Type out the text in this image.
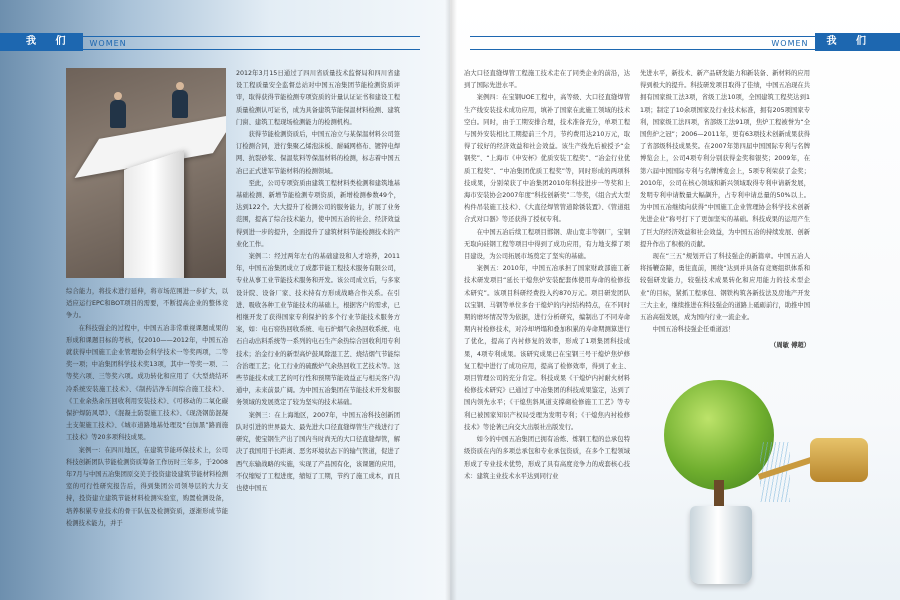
我 们	WOMEN

综合能力，将技术进行延伸，将市场范围进一步扩大，以适应运行EPC和BOT项目的需要，不断提高企业的整体竞争力。

在科技强企的过程中，中国五冶非常重视课题成果的形成和课题目标的考核，仅2010——2012年，中国五冶就获得中国施工企业管理协会科学技术一等奖两项，二等奖一项；中冶集团科学技术奖13项，其中一等奖一项、二等奖六项、三等奖六项。成功转化和应用了《大型烧结环冷系统安装施工技术》、《制药洁净车间综合施工技术》、《工业余热余压回收利用安装技术》、《可移动的二氧化碳保护焊防风罩》、《混凝土防裂施工技术》、《现浇钢筋混凝土支架施工技术》、《城市道路地基处理及“白加黑”路面施工技术》等20多项科技成果。

案例一：在四川地区，在建筑节能环保技术上，公司科技创新团队节能检测资质筹备工作历时三年多，于2008年7月与中国五冶集团原交美于投资建设建筑节能材料检测室的可行性研究报告后，得到集团公司领导层的大力支持，投资建立建筑节能材料检测实验室，购置检测设备，培养积累专业技术的骨干队伍及检测资质，逐渐形成节能检测技术能力，并于

2012年3月15日通过了四川省质量技术监督局和四川省建设工程质量安全监督总站对中国五冶集团节能检测资质评审，取得获得节能检测专项资质的计量认证证书和建设工程质量检测认可证书，成为具备建筑节能保温材料检测、建筑门窗、建筑工程现场检测能力的检测机构。

获得节能检测资质后，中国五冶立与某保温材料公司签订检测合同，进行集聚乙烯泡沫板、耐碱网格布、镀锌电焊网、抗裂砂浆、保温浆料等保温材料的检测，标志着中国五冶已正式进军节能材料的检测领域。

至此，公司专项资质由建筑工程材料类检测和建筑地基基础检测、新增节能检测专项资质，新增检测参数49个，达到122个。大大提升了检测公司的服务能力，扩展了业务范围，提高了综合技术能力，使中国五冶的社会、经济效益得到进一步的提升，全面提升了建筑材料节能检测技术的产业化工作。

案例二：经过两年左右的基础建设和人才培养，2011年，中国五冶集团成立了成都节能工程技术服务有限公司，专业从事工业节能技术服务和开发。该公司成立后，与多家设计院、设备厂家、技术持有方形成战略合作关系。在引进、吸收各种工业节能技术的基础上，根据客户的需求，已相继开发了获得国家专利保护的多个行业节能技术服务方案，如：电石窑热回收系统、电石炉烟气余热回收系统、电石自动出料系统等一系列的电石生产余热综合回收利用专利技术；治金行业的新型高炉鼓风除湿工艺、烧结烟气节能综合治理工艺；化工行业的硫酸炉气余热回收工艺技术等。这些节能技术或工艺的可行性和预期节能效益正与相关客户沟通中，未来前景广阔。为中国五冶集团在节能技术开发和服务领域的发展奠定了较为坚实的技术基础。

案例三：在上海地区，2007年，中国五冶科技创新团队对引进的世界最大、最先进大口径直缝焊管生产线进行了研究，使宝钢生产出了国内当时尚无的大口径直缝焊管，解决了我国用于长距离、恶劣环境状态下的输气管道，促进了西气东输战略的实施，实现了产品国有化，该课题的应用，不仅缩短了工程进度，缩短了工期，节约了施工成本，而且也使中国五

WOMEN	我 们

冶大口径直缝焊管工程施工技术走在了同类企业的前沿，达到了国际先进水平。

案例四：在宝钢UOE工程中，高等级、大口径直缝焊管生产线安装技术成功应用，填补了国家在此施工领域的技术空白。同时，由于工期安排合理，技术准备充分，单项工程与国外安装相比工期提前三个月，节约费用达210万元，取得了较好的经济效益和社会效益。该生产线先后被授予“金钢奖”、“上海市《申安杯》优质安装工程奖”、“冶金行业优质工程奖”、“中冶集团优质工程奖”等，同时形成的两项科技成果，分别荣获了中冶集团2010年科技进步一等奖和上海市安装协会2007年度“科技创新奖”二等奖，《组合式大型构件吊装施工技术》、《大直径焊管管道除锈装置》、《管道组合式对口器》等还获得了授权专利。

在中国五冶后续工程项目邯钢、唐山宽丰等钢厂，宝钢无取向硅钢工程等项目中得到了成功应用，有力地支撑了项目建设，为公司拓展市场奠定了坚实的基础。

案例五：2010年，中国五冶承担了国家财政部施工新技术研发项目“延长干熄焦炉安装配套体使用寿命的检修技术研究”。该项目科研经费投入约870万元。项目研发团队以宝钢、马钢等单位多台干熄炉的内衬结构特点，在不同时期的磨坏情况等为依据，进行分析研究，编制出了不同寿命期内衬检修技术，对冷却坍塌和叠加积累的寿命期测算进行了优化，提高了内衬修复的效率，形成了1项集团科技成果，4项专利成果。该研究成果已在宝钢三号干熄炉焦炉修复工程中进行了成功应用，提高了检修效率，得到了业主、项目管理公司的充分肯定。科技成果《干熄炉内衬耐火材料检修技术研究》已通过了中冶集团的科技成果鉴定，达到了国内领先水平；《干熄焦斜风道支撑砌检修施工工艺》等专利已被国家知识产权局受理为发明专利；《干熄焦内衬检修技术》等论著已向交大出版社出版发行。

如今的中国五冶集团已拥有冶炼、炼钢工程的总承包特级资质在内的多项总承包和专业承包资质，在多个工程领域形成了专业技术优势，形成了具有高度竞争力的成套核心技术：建筑主业技术水平达到同行业

先进水平，新技术、新产品研发能力和新装备、新材料的应用得到极大的提升。科技研发项目取得了佳绩，中国五冶现在共拥有国家级工法3项，省级工法10项，全国建筑工程奖达到11项；制定了10余项国家及行业技术标准，拥有205项国家专利，国家级工法四项，省部级工法91项，焦炉工程被誉为“全国焦炉之冠”；2006—2011年，更有63项技术创新成果获得了省部级科技成果奖。在2007年第四届中国国际专利与名牌博览会上，公司4项专利分别获得金奖和银奖；2009年，在第六届中国国际专利与名牌博览会上，5项专利荣获了金奖；2010年，公司在核心领域和新兴领域取得专利申请新发展，发明专利申请数量大幅飙升，占专利申请总量的50%以上。为中国五冶继续向获得“中国施工企业管理协会科学技术创新先进企业”称号打下了更加坚实的基础。科技成果的运用产生了巨大的经济效益和社会效益，为中国五冶的持续发展、创新提升作出了积极的贡献。

现在“三五”规划开启了科技强企的新篇章。中国五冶人将扬鞭奋蹄，勇往直前，围绕“达到并具备有竞赛组织体系和较强研发能力，较强技术成果转化和应用能力的技术型企业”的目标，紧抓工程承包、钢铁构筑各新技法及房地产开发三大主业，继续推进在科技强企的道路上砥砺前行，助推中国五冶高强发展，成为国内行业一流企业。

中国五冶科技强企任重道远！

（周敏 傅超）
